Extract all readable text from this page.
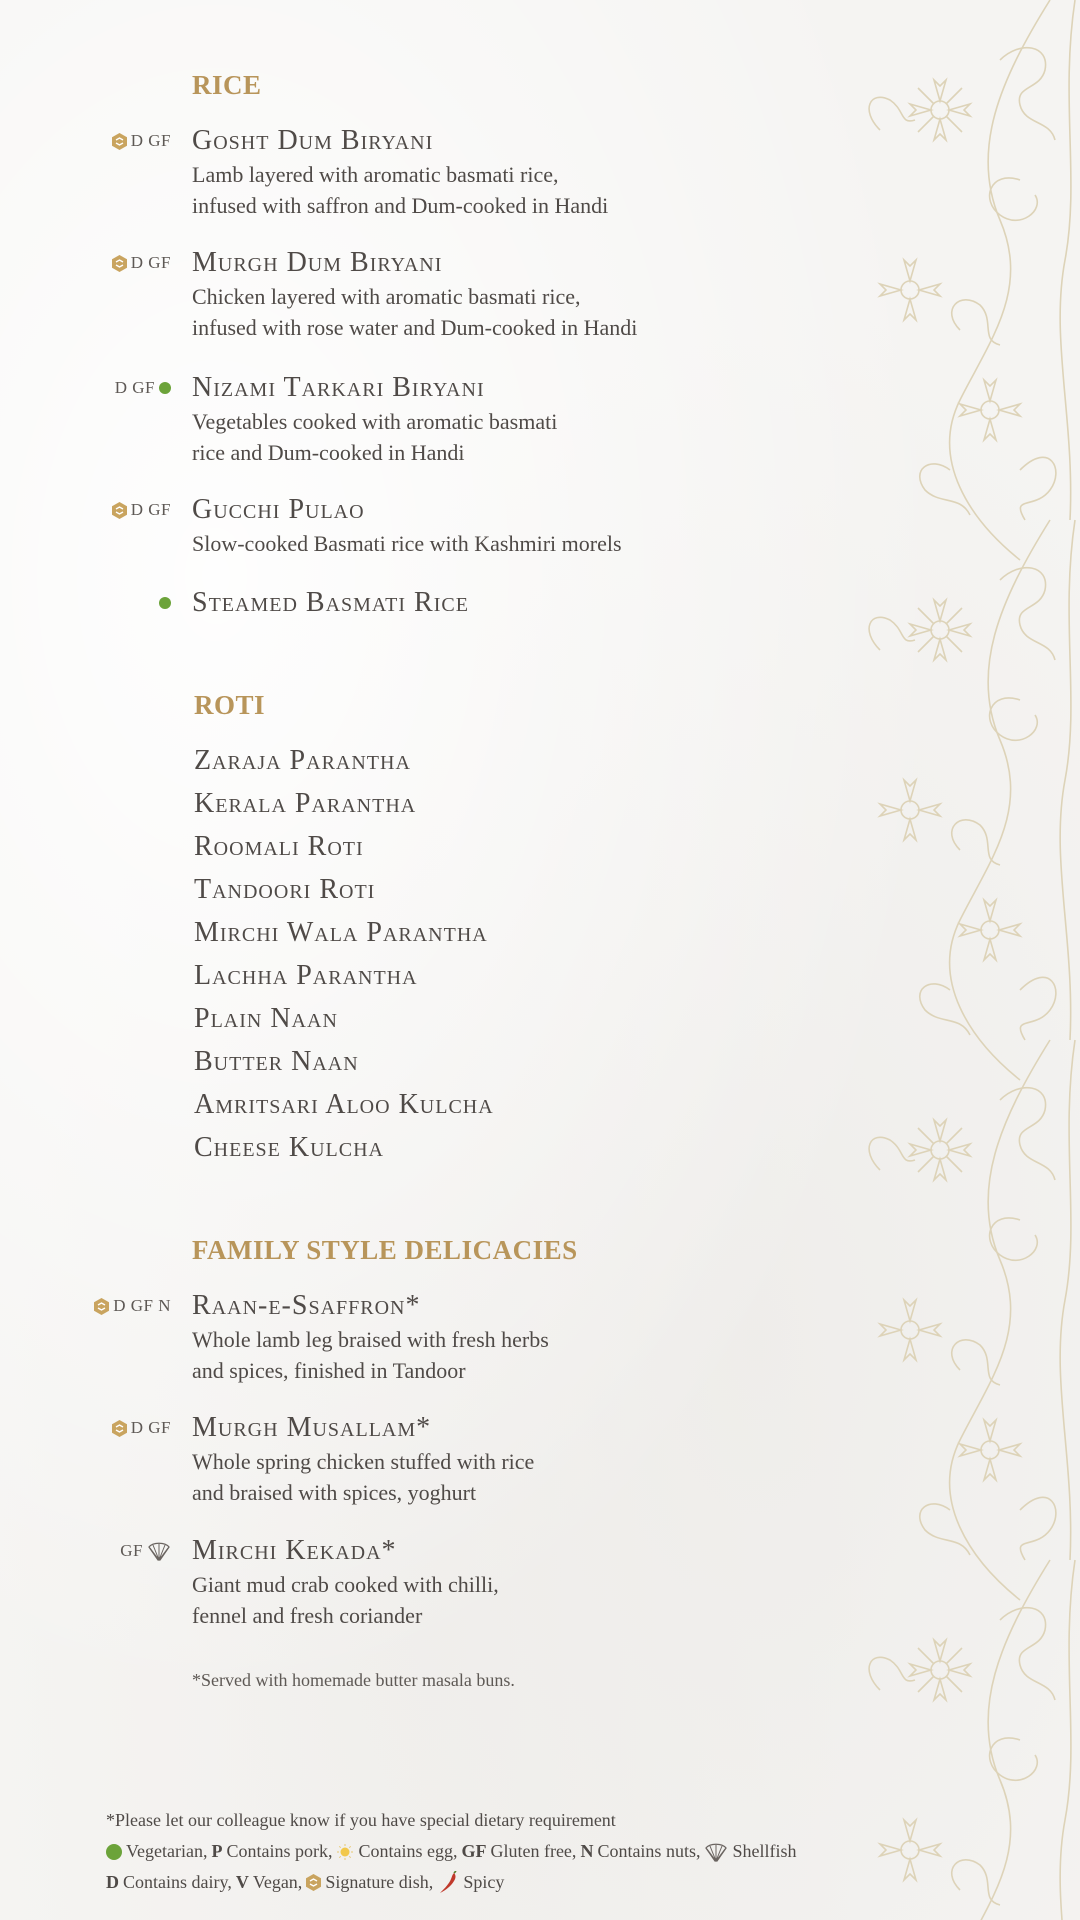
RICE
D GF Gosht Dum Biryani
Lamb layered with aromatic basmati rice,
infused with saffron and Dum-cooked in Handi
D GF Murgh Dum Biryani
Chicken layered with aromatic basmati rice,
infused with rose water and Dum-cooked in Handi
D GF Nizami Tarkari Biryani
Vegetables cooked with aromatic basmati
rice and Dum-cooked in Handi
D GF Gucchi Pulao
Slow-cooked Basmati rice with Kashmiri morels
Steamed Basmati Rice
ROTI
Zaraja Parantha
Kerala Parantha
Roomali Roti
Tandoori Roti
Mirchi Wala Parantha
Lachha Parantha
Plain Naan
Butter Naan
Amritsari Aloo Kulcha
Cheese Kulcha
FAMILY STYLE DELICACIES
D GF N Raan-e-Ssaffron*
Whole lamb leg braised with fresh herbs
and spices, finished in Tandoor
D GF Murgh Musallam*
Whole spring chicken stuffed with rice
and braised with spices, yoghurt
GF Mirchi Kekada*
Giant mud crab cooked with chilli,
fennel and fresh coriander
*Served with homemade butter masala buns.
*Please let our colleague know if you have special dietary requirement
Vegetarian, P Contains pork, Contains egg, GF Gluten free, N Contains nuts, Shellfish
D Contains dairy, V Vegan, Signature dish, Spicy
